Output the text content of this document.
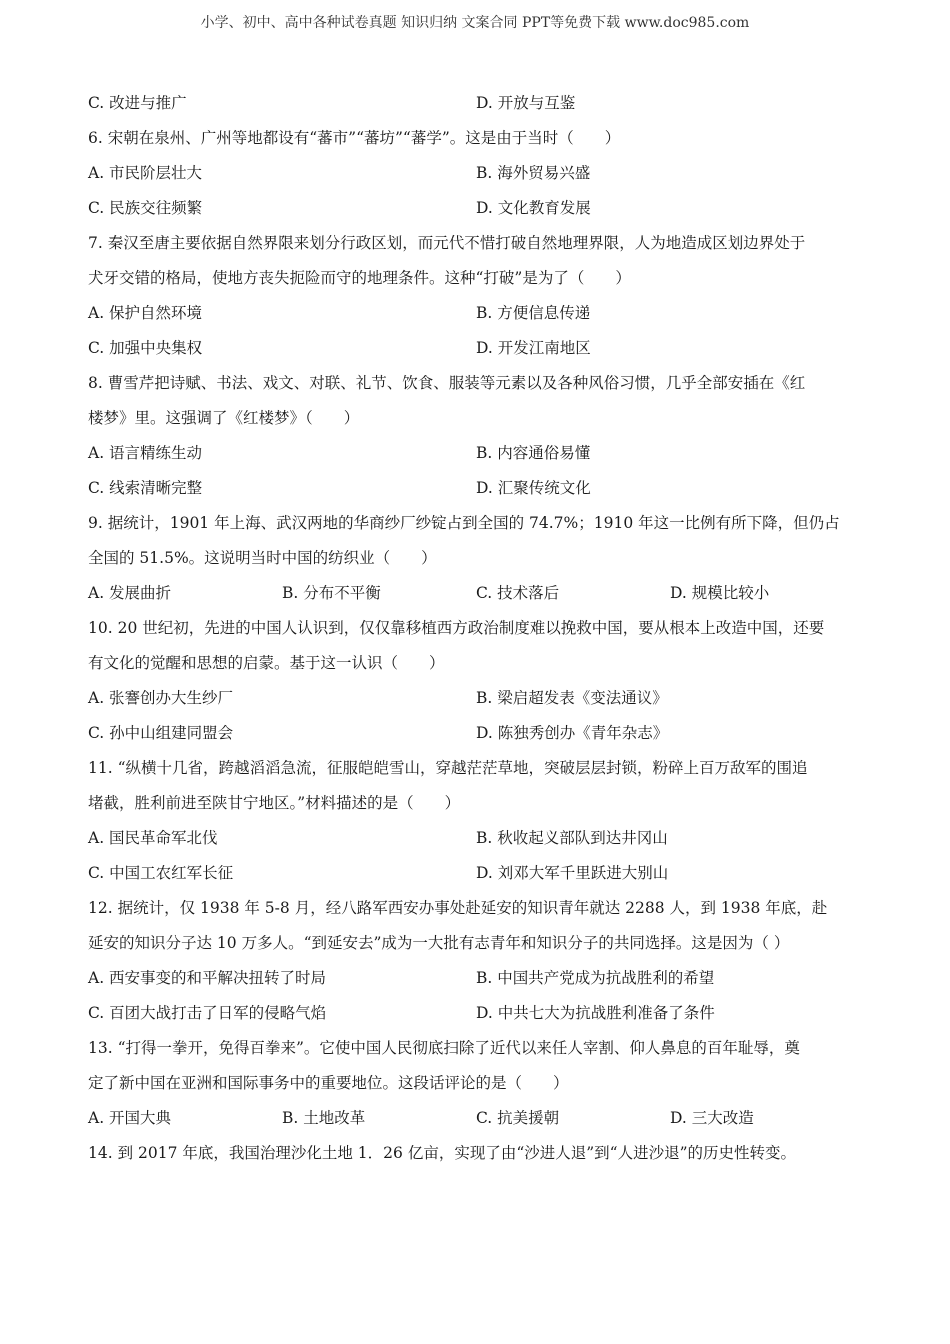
小学、初中、高中各种试卷真题 知识归纳 文案合同 PPT等免费下载 www.doc985.com
C. 改进与推广	D. 开放与互鉴
6. 宋朝在泉州、广州等地都设有“蕃市”“蕃坊”“蕃学”。这是由于当时（　　）
A. 市民阶层壮大	B. 海外贸易兴盛
C. 民族交往频繁	D. 文化教育发展
7. 秦汉至唐主要依据自然界限来划分行政区划，而元代不惜打破自然地理界限，人为地造成区划边界处于
犬牙交错的格局，使地方丧失扼险而守的地理条件。这种“打破”是为了（　　）
A. 保护自然环境	B. 方便信息传递
C. 加强中央集权	D. 开发江南地区
8. 曹雪芹把诗赋、书法、戏文、对联、礼节、饮食、服装等元素以及各种风俗习惯，几乎全部安插在《红
楼梦》里。这强调了《红楼梦》（　　）
A. 语言精练生动	B. 内容通俗易懂
C. 线索清晰完整	D. 汇聚传统文化
9. 据统计，1901 年上海、武汉两地的华商纱厂纱锭占到全国的 74.7%；1910 年这一比例有所下降，但仍占
全国的 51.5%。这说明当时中国的纺织业（　　）
A. 发展曲折	B. 分布不平衡	C. 技术落后	D. 规模比较小
10. 20 世纪初，先进的中国人认识到，仅仅靠移植西方政治制度难以挽救中国，要从根本上改造中国，还要
有文化的觉醒和思想的启蒙。基于这一认识（　　）
A. 张謇创办大生纱厂	B. 梁启超发表《变法通议》
C. 孙中山组建同盟会	D. 陈独秀创办《青年杂志》
11. “纵横十几省，跨越滔滔急流，征服皑皑雪山，穿越茫茫草地，突破层层封锁，粉碎上百万敌军的围追
堵截，胜利前进至陕甘宁地区。”材料描述的是（　　）
A. 国民革命军北伐	B. 秋收起义部队到达井冈山
C. 中国工农红军长征	D. 刘邓大军千里跃进大别山
12. 据统计，仅 1938 年 5-8 月，经八路军西安办事处赴延安的知识青年就达 2288 人，到 1938 年底，赴
延安的知识分子达 10 万多人。“到延安去”成为一大批有志青年和知识分子的共同选择。这是因为（ ）
A. 西安事变的和平解决扭转了时局	B. 中国共产党成为抗战胜利的希望
C. 百团大战打击了日军的侵略气焰	D. 中共七大为抗战胜利准备了条件
13. “打得一拳开，免得百拳来”。它使中国人民彻底扫除了近代以来任人宰割、仰人鼻息的百年耻辱，奠
定了新中国在亚洲和国际事务中的重要地位。这段话评论的是（　　）
A. 开国大典	B. 土地改革	C. 抗美援朝	D. 三大改造
14. 到 2017 年底，我国治理沙化土地 1．26 亿亩，实现了由“沙进人退”到“人进沙退”的历史性转变。
